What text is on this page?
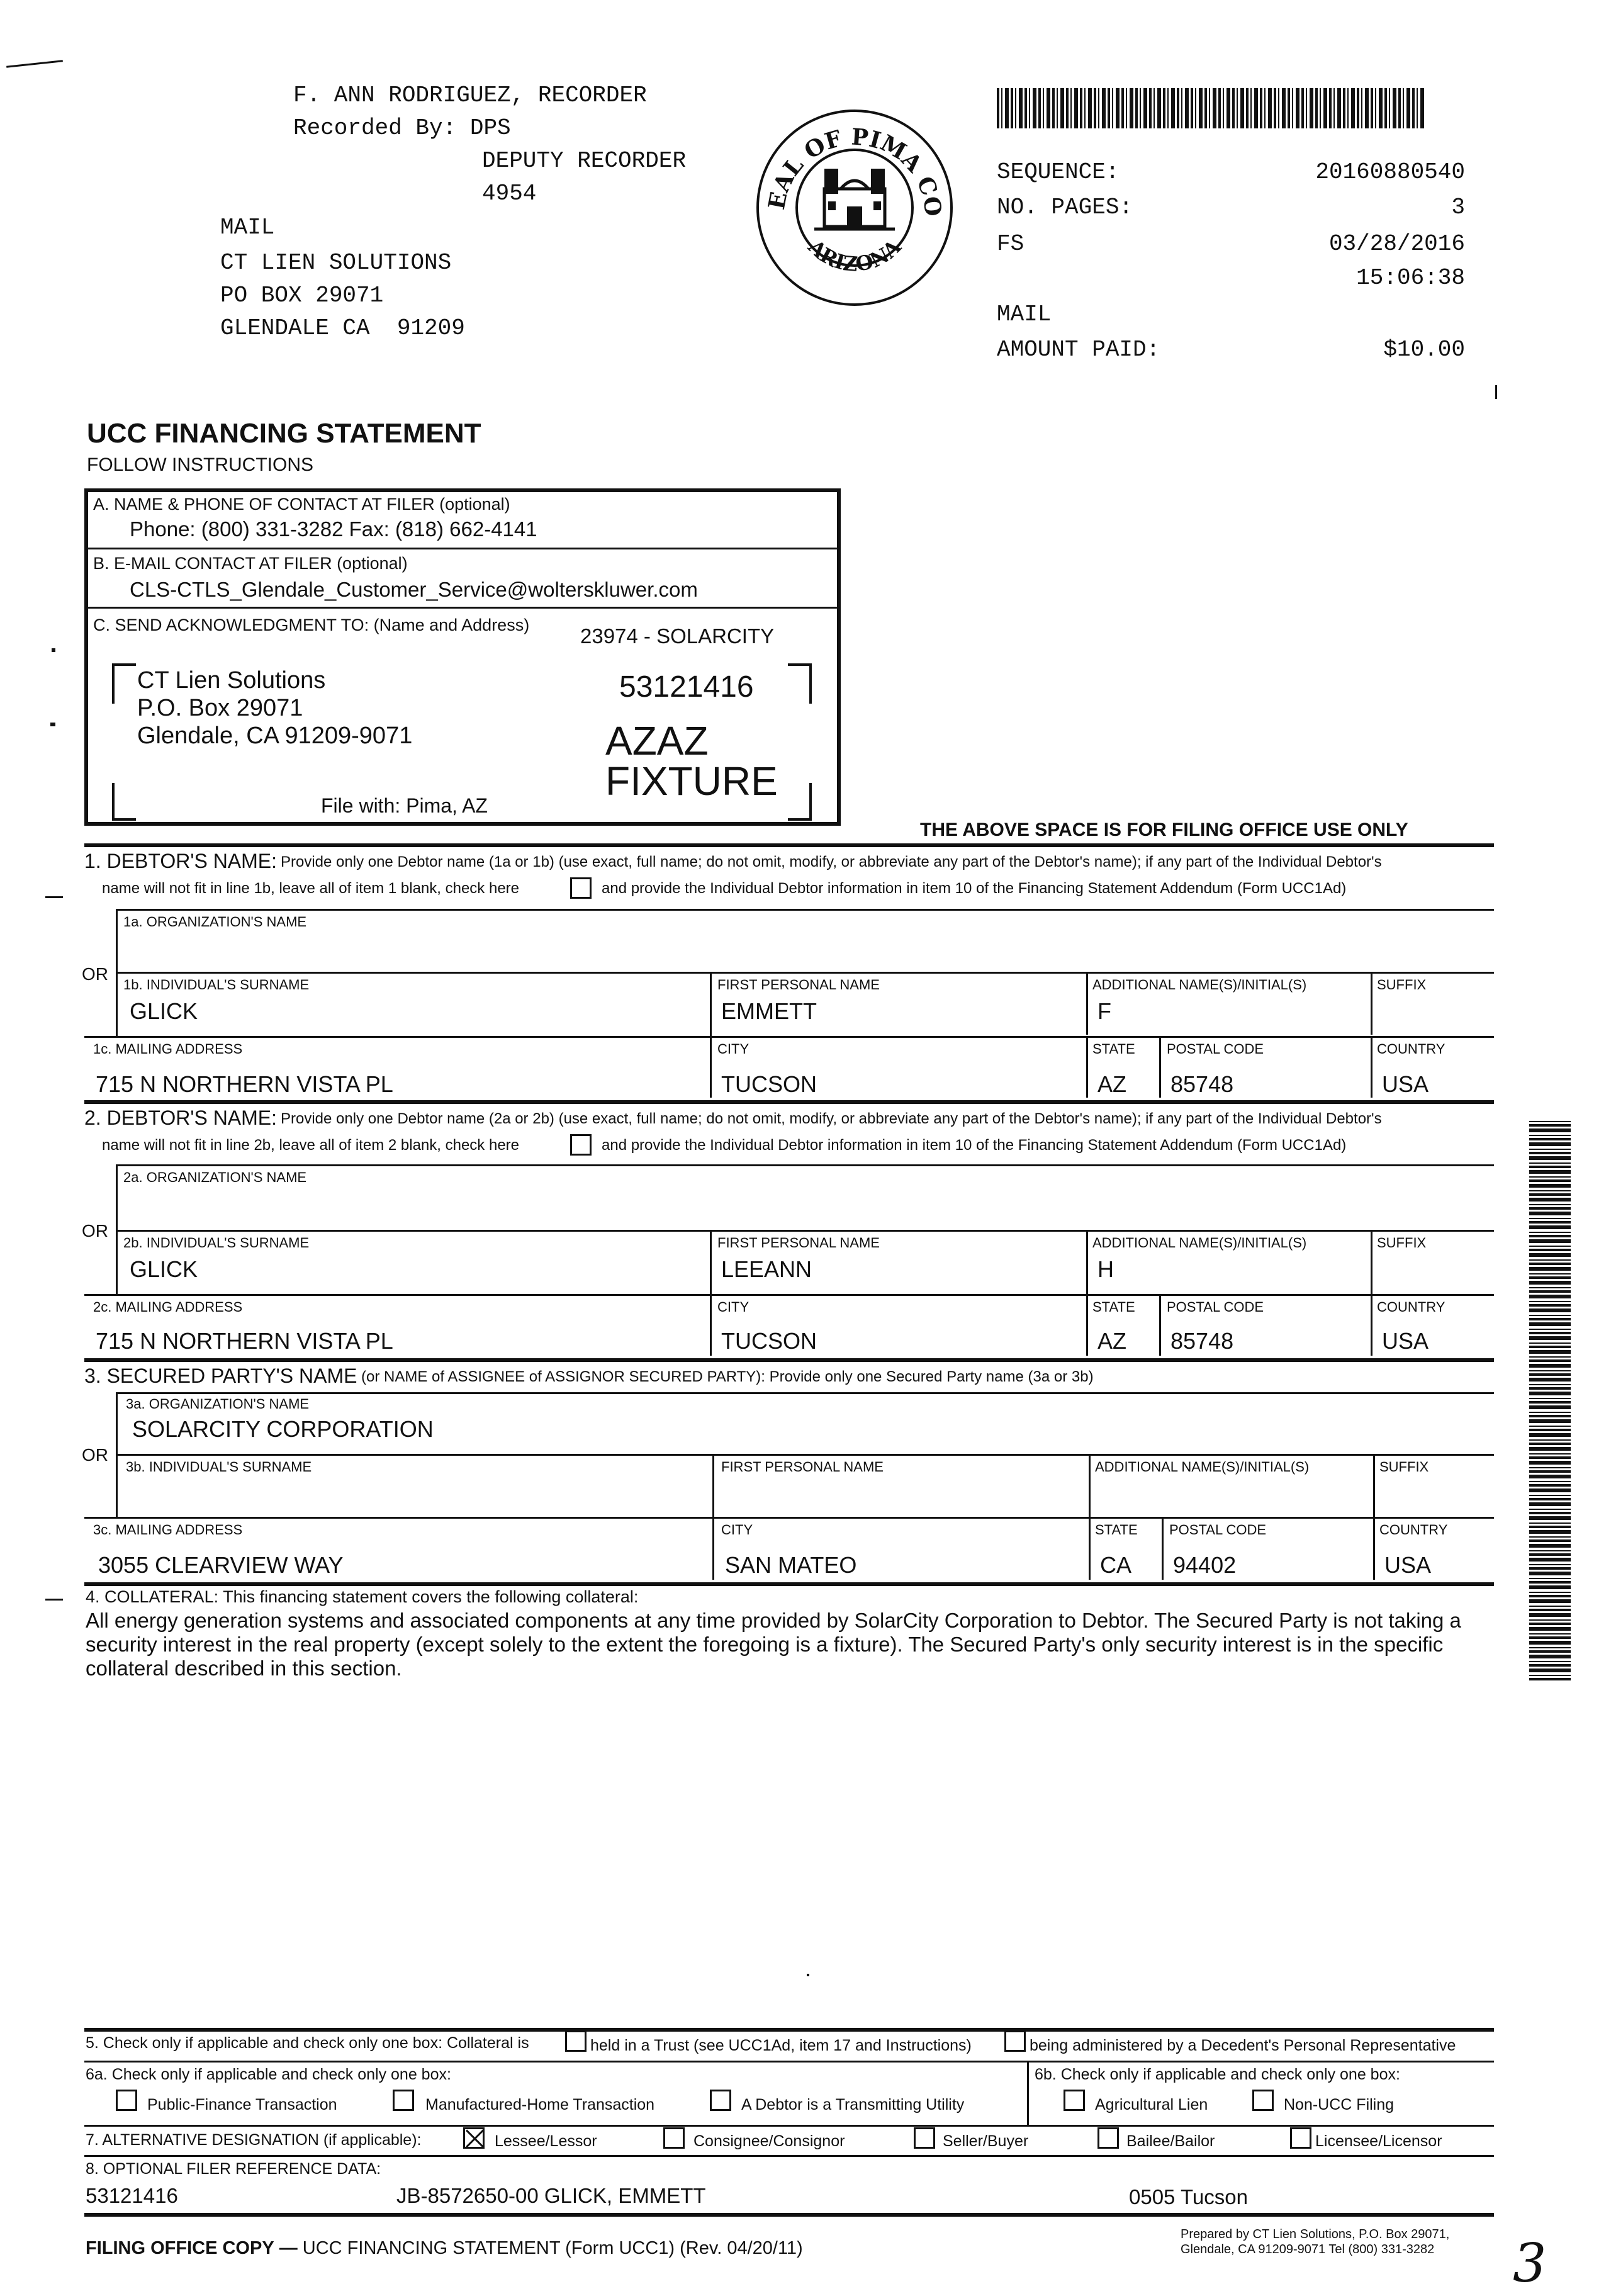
F. ANN RODRIGUEZ, RECORDER
Recorded By: DPS
DEPUTY RECORDER
4954
MAIL
CT LIEN SOLUTIONS
PO BOX 29071
GLENDALE CA  91209
EAL OF PIMA CO
ARIZONA
SEQUENCE:	20160880540
NO. PAGES:	3
FS	03/28/2016
15:06:38
MAIL
AMOUNT PAID:	$10.00
UCC FINANCING STATEMENT
FOLLOW INSTRUCTIONS
A. NAME & PHONE OF CONTACT AT FILER (optional)
Phone: (800) 331-3282 Fax: (818) 662-4141
B. E-MAIL CONTACT AT FILER (optional)
CLS-CTLS_Glendale_Customer_Service@wolterskluwer.com
C. SEND ACKNOWLEDGMENT TO: (Name and Address) 23974 - SOLARCITY
CT Lien Solutions
P.O. Box 29071
Glendale, CA 91209-9071
53121416
AZAZ
FIXTURE
File with: Pima, AZ
THE ABOVE SPACE IS FOR FILING OFFICE USE ONLY
1. DEBTOR'S NAME: Provide only one Debtor name (1a or 1b) (use exact, full name; do not omit, modify, or abbreviate any part of the Debtor's name); if any part of the Individual Debtor's
name will not fit in line 1b, leave all of item 1 blank, check here	and provide the Individual Debtor information in item 10 of the Financing Statement Addendum (Form UCC1Ad)
1a. ORGANIZATION'S NAME
OR
1b. INDIVIDUAL'S SURNAME	FIRST PERSONAL NAME	ADDITIONAL NAME(S)/INITIAL(S)	SUFFIX
GLICK	EMMETT	F
1c. MAILING ADDRESS	CITY	STATE POSTAL CODE	COUNTRY
715 N NORTHERN VISTA PL	TUCSON	AZ 85748	USA
2. DEBTOR'S NAME: Provide only one Debtor name (2a or 2b) (use exact, full name; do not omit, modify, or abbreviate any part of the Debtor's name); if any part of the Individual Debtor's
name will not fit in line 2b, leave all of item 2 blank, check here	and provide the Individual Debtor information in item 10 of the Financing Statement Addendum (Form UCC1Ad)
2a. ORGANIZATION'S NAME
OR
2b. INDIVIDUAL'S SURNAME	FIRST PERSONAL NAME	ADDITIONAL NAME(S)/INITIAL(S)	SUFFIX
GLICK	LEEANN	H
2c. MAILING ADDRESS	CITY	STATE POSTAL CODE	COUNTRY
715 N NORTHERN VISTA PL	TUCSON	AZ 85748	USA
3. SECURED PARTY'S NAME (or NAME of ASSIGNEE of ASSIGNOR SECURED PARTY): Provide only one Secured Party name (3a or 3b)
3a. ORGANIZATION'S NAME
SOLARCITY CORPORATION
OR
3b. INDIVIDUAL'S SURNAME	FIRST PERSONAL NAME	ADDITIONAL NAME(S)/INITIAL(S)	SUFFIX
3c. MAILING ADDRESS	CITY	STATE POSTAL CODE	COUNTRY
3055 CLEARVIEW WAY	SAN MATEO	CA 94402	USA
4. COLLATERAL: This financing statement covers the following collateral:
All energy generation systems and associated components at any time provided by SolarCity Corporation to Debtor. The Secured Party is not taking a
security interest in the real property (except solely to the extent the foregoing is a fixture). The Secured Party's only security interest is in the specific
collateral described in this section.
5. Check only if applicable and check only one box: Collateral is	held in a Trust (see UCC1Ad, item 17 and Instructions)	being administered by a Decedent's Personal Representative
6a. Check only if applicable and check only one box:
Public-Finance Transaction	Manufactured-Home Transaction	A Debtor is a Transmitting Utility
6b. Check only if applicable and check only one box:
Agricultural Lien	Non-UCC Filing
7. ALTERNATIVE DESIGNATION (if applicable):	Lessee/Lessor	Consignee/Consignor	Seller/Buyer	Bailee/Bailor	Licensee/Licensor
8. OPTIONAL FILER REFERENCE DATA:
53121416	JB-8572650-00 GLICK, EMMETT	0505 Tucson
FILING OFFICE COPY — UCC FINANCING STATEMENT (Form UCC1) (Rev. 04/20/11)
Prepared by CT Lien Solutions, P.O. Box 29071,
Glendale, CA 91209-9071 Tel (800) 331-3282 3
